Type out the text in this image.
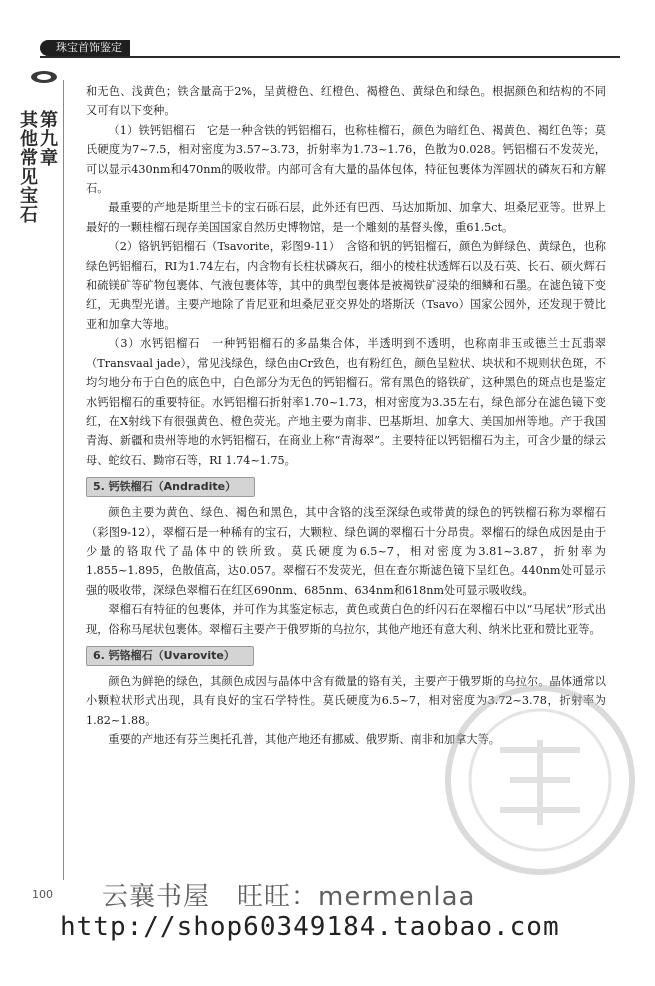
珠宝首饰鉴定
第九章
其他常见宝石

和无色、浅黄色；铁含量高于2%，呈黄橙色、红橙色、褐橙色、黄绿色和绿色。根据颜色和结构的不同又可有以下变种。

（1）铁钙铝榴石　它是一种含铁的钙铝榴石，也称桂榴石，颜色为暗红色、褐黄色、褐红色等；莫氏硬度为7~7.5，相对密度为3.57~3.73，折射率为1.73~1.76，色散为0.028。钙铝榴石不发荧光，可以显示430nm和470nm的吸收带。内部可含有大量的晶体包体，特征包裹体为浑圆状的磷灰石和方解石。

最重要的产地是斯里兰卡的宝石砾石层，此外还有巴西、马达加斯加、加拿大、坦桑尼亚等。世界上最好的一颗桂榴石现存美国国家自然历史博物馆，是一个雕刻的基督头像，重61.5ct。

（2）铬钒钙铝榴石（Tsavorite，彩图9-11）　含铬和钒的钙铝榴石，颜色为鲜绿色、黄绿色，也称绿色钙铝榴石，RI为1.74左右，内含物有长柱状磷灰石，细小的棱柱状透辉石以及石英、长石、硕火辉石和硫镁矿等矿物包裹体、气液包裹体等，其中的典型包裹体是被褐铁矿浸染的细鳞和石墨。在滤色镜下变红，无典型光谱。主要产地除了肯尼亚和坦桑尼亚交界处的塔斯沃（Tsavo）国家公园外，还发现于赞比亚和加拿大等地。

（3）水钙铝榴石　一种钙铝榴石的多晶集合体，半透明到不透明，也称南非玉或德兰士瓦翡翠（Transvaal jade），常见浅绿色，绿色由Cr致色，也有粉红色，颜色呈粒状、块状和不规则状色斑，不均匀地分布于白色的底色中，白色部分为无色的钙铝榴石。常有黑色的铬铁矿，这种黑色的斑点也是鉴定水钙铝榴石的重要特征。水钙铝榴石折射率1.70~1.73，相对密度为3.35左右，绿色部分在滤色镜下变红，在X射线下有很强黄色、橙色荧光。产地主要为南非、巴基斯坦、加拿大、美国加州等地。产于我国青海、新疆和贵州等地的水钙铝榴石，在商业上称“青海翠”。主要特征以钙铝榴石为主，可含少量的绿云母、蛇纹石、黝帘石等，RI 1.74~1.75。

5. 钙铁榴石（Andradite）

颜色主要为黄色、绿色、褐色和黑色，其中含铬的浅至深绿色或带黄的绿色的钙铁榴石称为翠榴石（彩图9-12），翠榴石是一种稀有的宝石，大颗粒、绿色调的翠榴石十分昂贵。翠榴石的绿色成因是由于少量的铬取代了晶体中的铁所致。莫氏硬度为6.5~7，相对密度为3.81~3.87，折射率为1.855~1.895，色散值高，达0.057。翠榴石不发荧光，但在查尔斯滤色镜下呈红色。440nm处可显示强的吸收带，深绿色翠榴石在红区690nm、685nm、634nm和618nm处可显示吸收线。

翠榴石有特征的包裹体，并可作为其鉴定标志，黄色或黄白色的纤闪石在翠榴石中以“马尾状”形式出现，俗称马尾状包裹体。翠榴石主要产于俄罗斯的乌拉尔，其他产地还有意大利、纳米比亚和赞比亚等。

6. 钙铬榴石（Uvarovite）

颜色为鲜艳的绿色，其颜色成因与晶体中含有微量的铬有关，主要产于俄罗斯的乌拉尔。晶体通常以小颗粒状形式出现，具有良好的宝石学特性。莫氏硬度为6.5~7，相对密度为3.72~3.78，折射率为1.82~1.88。

重要的产地还有芬兰奥托孔普，其他产地还有挪威、俄罗斯、南非和加拿大等。

100 云襄书屋　旺旺：mermenlaa
http://shop60349184.taobao.com
